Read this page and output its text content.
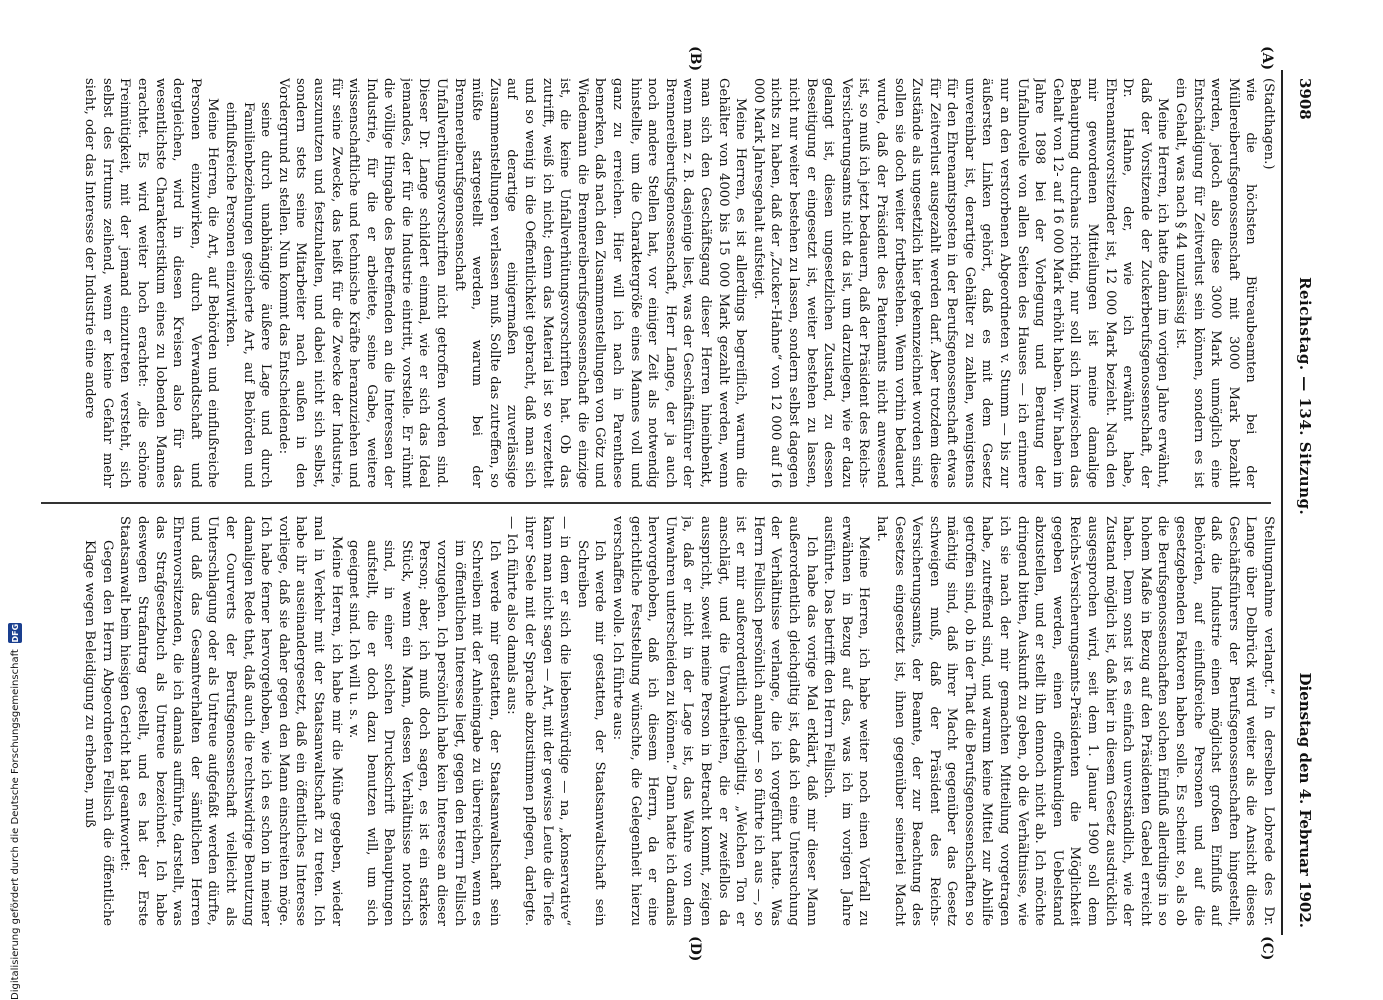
3908
Reichstag. — 134. Sitzung.
Dienstag den 4. Februar 1902.
(A)
(B)
(C)
(D)

(Stadthagen.)

wie die höchsten Büreaubeamten bei der Müllereiberufsgenossenschaft mit 3000 Mark bezahlt werden, jedoch also diese 3000 Mark unmöglich eine Entschädigung für Zeitverlust sein können, sondern es ist ein Gehalt, was nach § 44 unzulässig ist.

Meine Herren, ich hatte dann im vorigen Jahre erwähnt, daß der Vorsitzende der Zuckerberufsgenossenschaft, der Dr. Hahne, der, wie ich erwähnt habe, Ehrenamtsvorsitzender ist, 12 000 Mark bezieht. Nach den mir gewordenen Mitteilungen ist meine damalige Behauptung durchaus richtig, nur soll sich inzwischen das Gehalt von 12- auf 16 000 Mark erhöht haben. Wir haben im Jahre 1898 bei der Vorlegung und Beratung der Unfallnovelle von allen Seiten des Hauses — ich erinnere nur an den verstorbenen Abgeordneten v. Stumm — bis zur äußersten Linken gehört, daß es mit dem Gesetz unvereinbar ist, derartige Gehälter zu zahlen, wenigstens für den Ehrenamtsposten in der Berufsgenossenschaft etwas für Zeitverlust ausgezahlt werden darf. Aber trotzdem diese Zustände als ungesetzlich hier gekennzeichnet worden sind, sollen sie doch weiter fortbestehen. Wenn vorhin bedauert wurde, daß der Präsident des Patentamts nicht anwesend ist, so muß ich jetzt bedauern, daß der Präsident des Reichs-Versicherungsamts nicht da ist, um darzulegen, wie er dazu gelangt ist, diesen ungesetzlichen Zustand, zu dessen Beseitigung er eingesetzt ist, weiter bestehen zu lassen, nicht nur weiter bestehen zu lassen, sondern selbst dagegen nichts zu haben, daß der „Zucker-Hahne“ von 12 000 auf 16 000 Mark Jahresgehalt aufsteigt.

Meine Herren, es ist allerdings begreiflich, warum die Gehälter von 4000 bis 15 000 Mark gezahlt werden, wenn man sich den Geschäftsgang dieser Herren hineinbenkt, wenn man z. B. dasjenige liest, was der Geschäftsführer der Brennereiberufsgenossenschaft, Herr Lange, der ja auch noch andere Stellen hat, vor einiger Zeit als notwendig hinstellte, um die Charaktergröße eines Mannes voll und ganz zu erreichen. Hier will ich nach in Parenthese bemerken, daß nach den Zusammenstellungen von Götz und Wiedemann die Brennereiberufsgenossenschaft die einzige ist, die keine Unfallverhütungsvorschriften hat. Ob das zutrifft, weiß ich nicht; denn das Material ist so verzettelt und so wenig in die Oeffentlichkeit gebracht, daß man sich auf derartige einigermaßen zuverlässige Zusammenstellungen verlassen muß. Sollte das zutreffen, so müßte stargestellt werden, warum bei der Brennereiberufsgenossenschaft Unfallverhütungsvorschriften nicht getroffen worden sind. Dieser Dr. Lange schildert einmal, wie er sich das Ideal jemandes, der für die Industrie eintritt, vorstelle. Er rühmt die völlige Hingabe des Betreffenden an die Interessen der Industrie, für die er arbeitete, seine Gabe, weitere wissenschaftliche und technische Kräfte heranzuziehen und für seine Zwecke, das heißt für die Zwecke der Industrie, auszunutzen und festzuhalten, und dabei nicht sich selbst, sondern stets seine Mitarbeiter nach außen in den Vordergrund zu stellen. Nun kommt das Entscheidende:

seine durch unabhängige äußere Lage und durch Familienbeziehungen gesicherte Art, auf Behörden und einflußreiche Personen einzuwirken.

Meine Herren, die Art, auf Behörden und einflußreiche Personen einzuwirken, durch Verwandtschaft und dergleichen, wird in diesen Kreisen also für das wesentlichste Charakteristikum eines zu lobenden Mannes erachtet. Es wird weiter hoch erachtet: „die schöne Freimütigkeit, mit der jemand einzutreten versteht, sich selbst des Irrtums zeihend, wenn er keine Gefahr mehr sieht, oder das Interesse der Industrie eine andere

Stellungnahme verlangt.“ In derselben Lobrede des Dr. Lange über Delbrück wird weiter als die Ansicht dieses Geschäftsführers der Berufsgenossenschaften hingestellt, daß die Industrie einen möglichst großen Einfluß auf Behörden, auf einflußreiche Personen und auf die gesetzgebenden Faktoren haben solle. Es scheint so, als ob die Berufsgenossenschaften solchen Einfluß allerdings in so hohem Maße in Bezug auf den Präsidenten Gaebel erreicht haben. Denn sonst ist es einfach unverständlich, wie der Zustand möglich ist, daß hier in diesem Gesetz ausdrücklich ausgesprochen wird, seit dem 1. Januar 1900 soll dem Reichs-Versicherungsamts-Präsidenten die Möglichkeit gegeben werden, einen offenkundigen Uebelstand abzustellen, und er stellt ihn dennoch nicht ab. Ich möchte dringend bitten, Auskunft zu geben, ob die Verhältnisse, wie ich sie nach der mir gemachten Mitteilung vorgetragen habe, zutreffend sind, und warum keine Mittel zur Abhilfe getroffen sind, ob in der That die Berufsgenossenschaften so mächtig sind, daß ihrer Macht gegenüber das Gesetz schweigen muß, daß der Präsident des Reichs-Versicherungsamts, der Beamte, der zur Beachtung des Gesetzes eingesetzt ist, ihnen gegenüber seinerlei Macht hat.

Meine Herren, ich habe weiter noch einen Vorfall zu erwähnen in Bezug auf das, was ich im vorigen Jahre ausführte. Das betrifft den Herrn Fellisch.

Ich habe das vorige Mal erklärt, daß mir dieser Mann außerordentlich gleichgiltig ist, daß ich eine Untersuchung der Verhältnisse verlange, die ich vorgeführt hatte. Was Herrn Fellisch persönlich anlangt — so führte ich aus —, so ist er mir außerordentlich gleichgiltig. „Welchen Ton er anschlägt, und die Unwahrheiten, die er zweifellos da ausspricht, soweit meine Person in Betracht kommt, zeigen ja, daß er nicht in der Lage ist, das Wahre von dem Unwahren unterscheiden zu können.“ Dann hatte ich damals hervorgehoben, daß ich diesem Herrn, da er eine gerichtliche Feststellung wünschte, die Gelegenheit hierzu verschaffen wolle. Ich führte aus:

Ich werde mir gestatten, der Staatsanwaltschaft sein Schreiben

— in dem er sich die liebenswürdige — na, „konservative“ kann man nicht sagen — Art, mit der gewisse Leute die Tiefe ihrer Seele mit der Sprache abzustimmen pflegen, darlegte. — Ich führte also damals aus:

Ich werde mir gestatten, der Staatsanwaltschaft sein Schreiben mit der Anheimgabe zu überreichen, wenn es im öffentlichen Interesse liegt, gegen den Herrn Fellisch vorzugehen. Ich persönlich habe kein Interesse an dieser Person; aber, ich muß doch sagen, es ist ein starkes Stück, wenn ein Mann, dessen Verhältnisse notorisch sind, in einer solchen Druckschrift Behauptungen aufstellt, die er doch dazu benutzen will, um sich geeignet sind. Ich will u. s. w.

Meine Herren, ich habe mir die Mühe gegeben, wieder mal in Verkehr mit der Staatsanwaltschaft zu treten. Ich habe ihr auseinandergesetzt, daß ein öffentliches Interesse vorliege, daß sie daher gegen den Mann einschreiten möge. Ich habe ferner hervorgehoben, wie ich es schon in meiner damaligen Rede that, daß auch die rechtswidrige Benutzung der Courverts der Berufsgenossenschaft vielleicht als Unterschlagung oder als Untreue aufgefaßt werden dürfte, und daß das Gesamtverhalten der sämtlichen Herren Ehrenvorsitzenden, die ich damals aufführte, darstellt, was das Strafgesetzbuch als Untreue bezeichnet. Ich habe deswegen Strafantrag gestellt, und es hat der Erste Staatsanwalt beim hiesigen Gericht hat geantwortet:

Gegen den Herrn Abgeordneten Fellisch die öffentliche Klage wegen Beleidigung zu erheben, muß

Digitalisierung gefördert durch die Deutsche Forschungsgemeinschaft
DFG
